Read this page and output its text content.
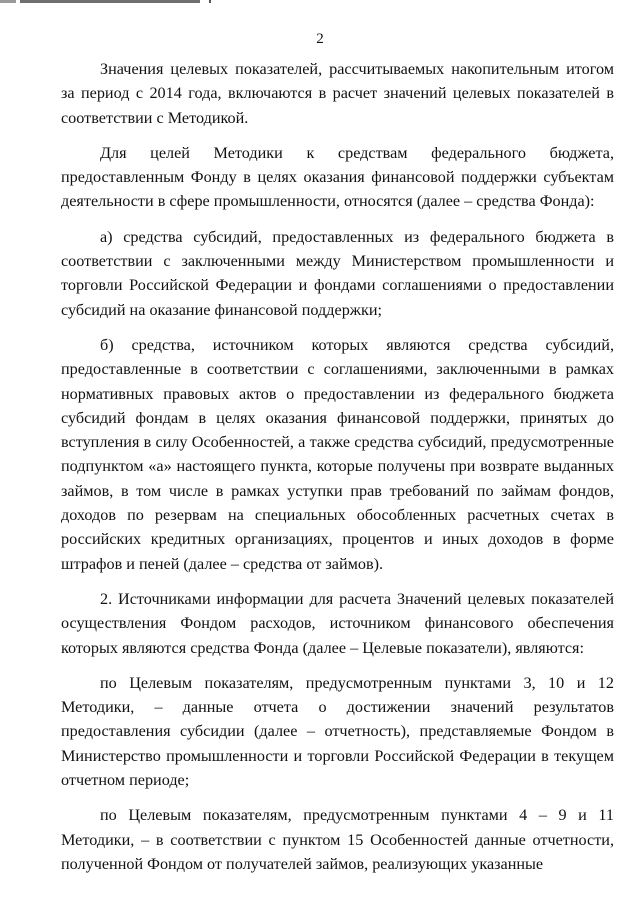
2

Значения целевых показателей, рассчитываемых накопительным итогом за период с 2014 года, включаются в расчет значений целевых показателей в соответствии с Методикой.

Для целей Методики к средствам федерального бюджета, предоставленным Фонду в целях оказания финансовой поддержки субъектам деятельности в сфере промышленности, относятся (далее – средства Фонда):

а) средства субсидий, предоставленных из федерального бюджета в соответствии с заключенными между Министерством промышленности и торговли Российской Федерации и фондами соглашениями о предоставлении субсидий на оказание финансовой поддержки;

б) средства, источником которых являются средства субсидий, предоставленные в соответствии с соглашениями, заключенными в рамках нормативных правовых актов о предоставлении из федерального бюджета субсидий фондам в целях оказания финансовой поддержки, принятых до вступления в силу Особенностей, а также средства субсидий, предусмотренные подпунктом «а» настоящего пункта, которые получены при возврате выданных займов, в том числе в рамках уступки прав требований по займам фондов, доходов по резервам на специальных обособленных расчетных счетах в российских кредитных организациях, процентов и иных доходов в форме штрафов и пеней (далее – средства от займов).

2. Источниками информации для расчета Значений целевых показателей осуществления Фондом расходов, источником финансового обеспечения которых являются средства Фонда (далее – Целевые показатели), являются:

по Целевым показателям, предусмотренным пунктами 3, 10 и 12 Методики, – данные отчета о достижении значений результатов предоставления субсидии (далее – отчетность), представляемые Фондом в Министерство промышленности и торговли Российской Федерации в текущем отчетном периоде;

по Целевым показателям, предусмотренным пунктами 4 – 9 и 11 Методики, – в соответствии с пунктом 15 Особенностей данные отчетности, полученной Фондом от получателей займов, реализующих указанные
